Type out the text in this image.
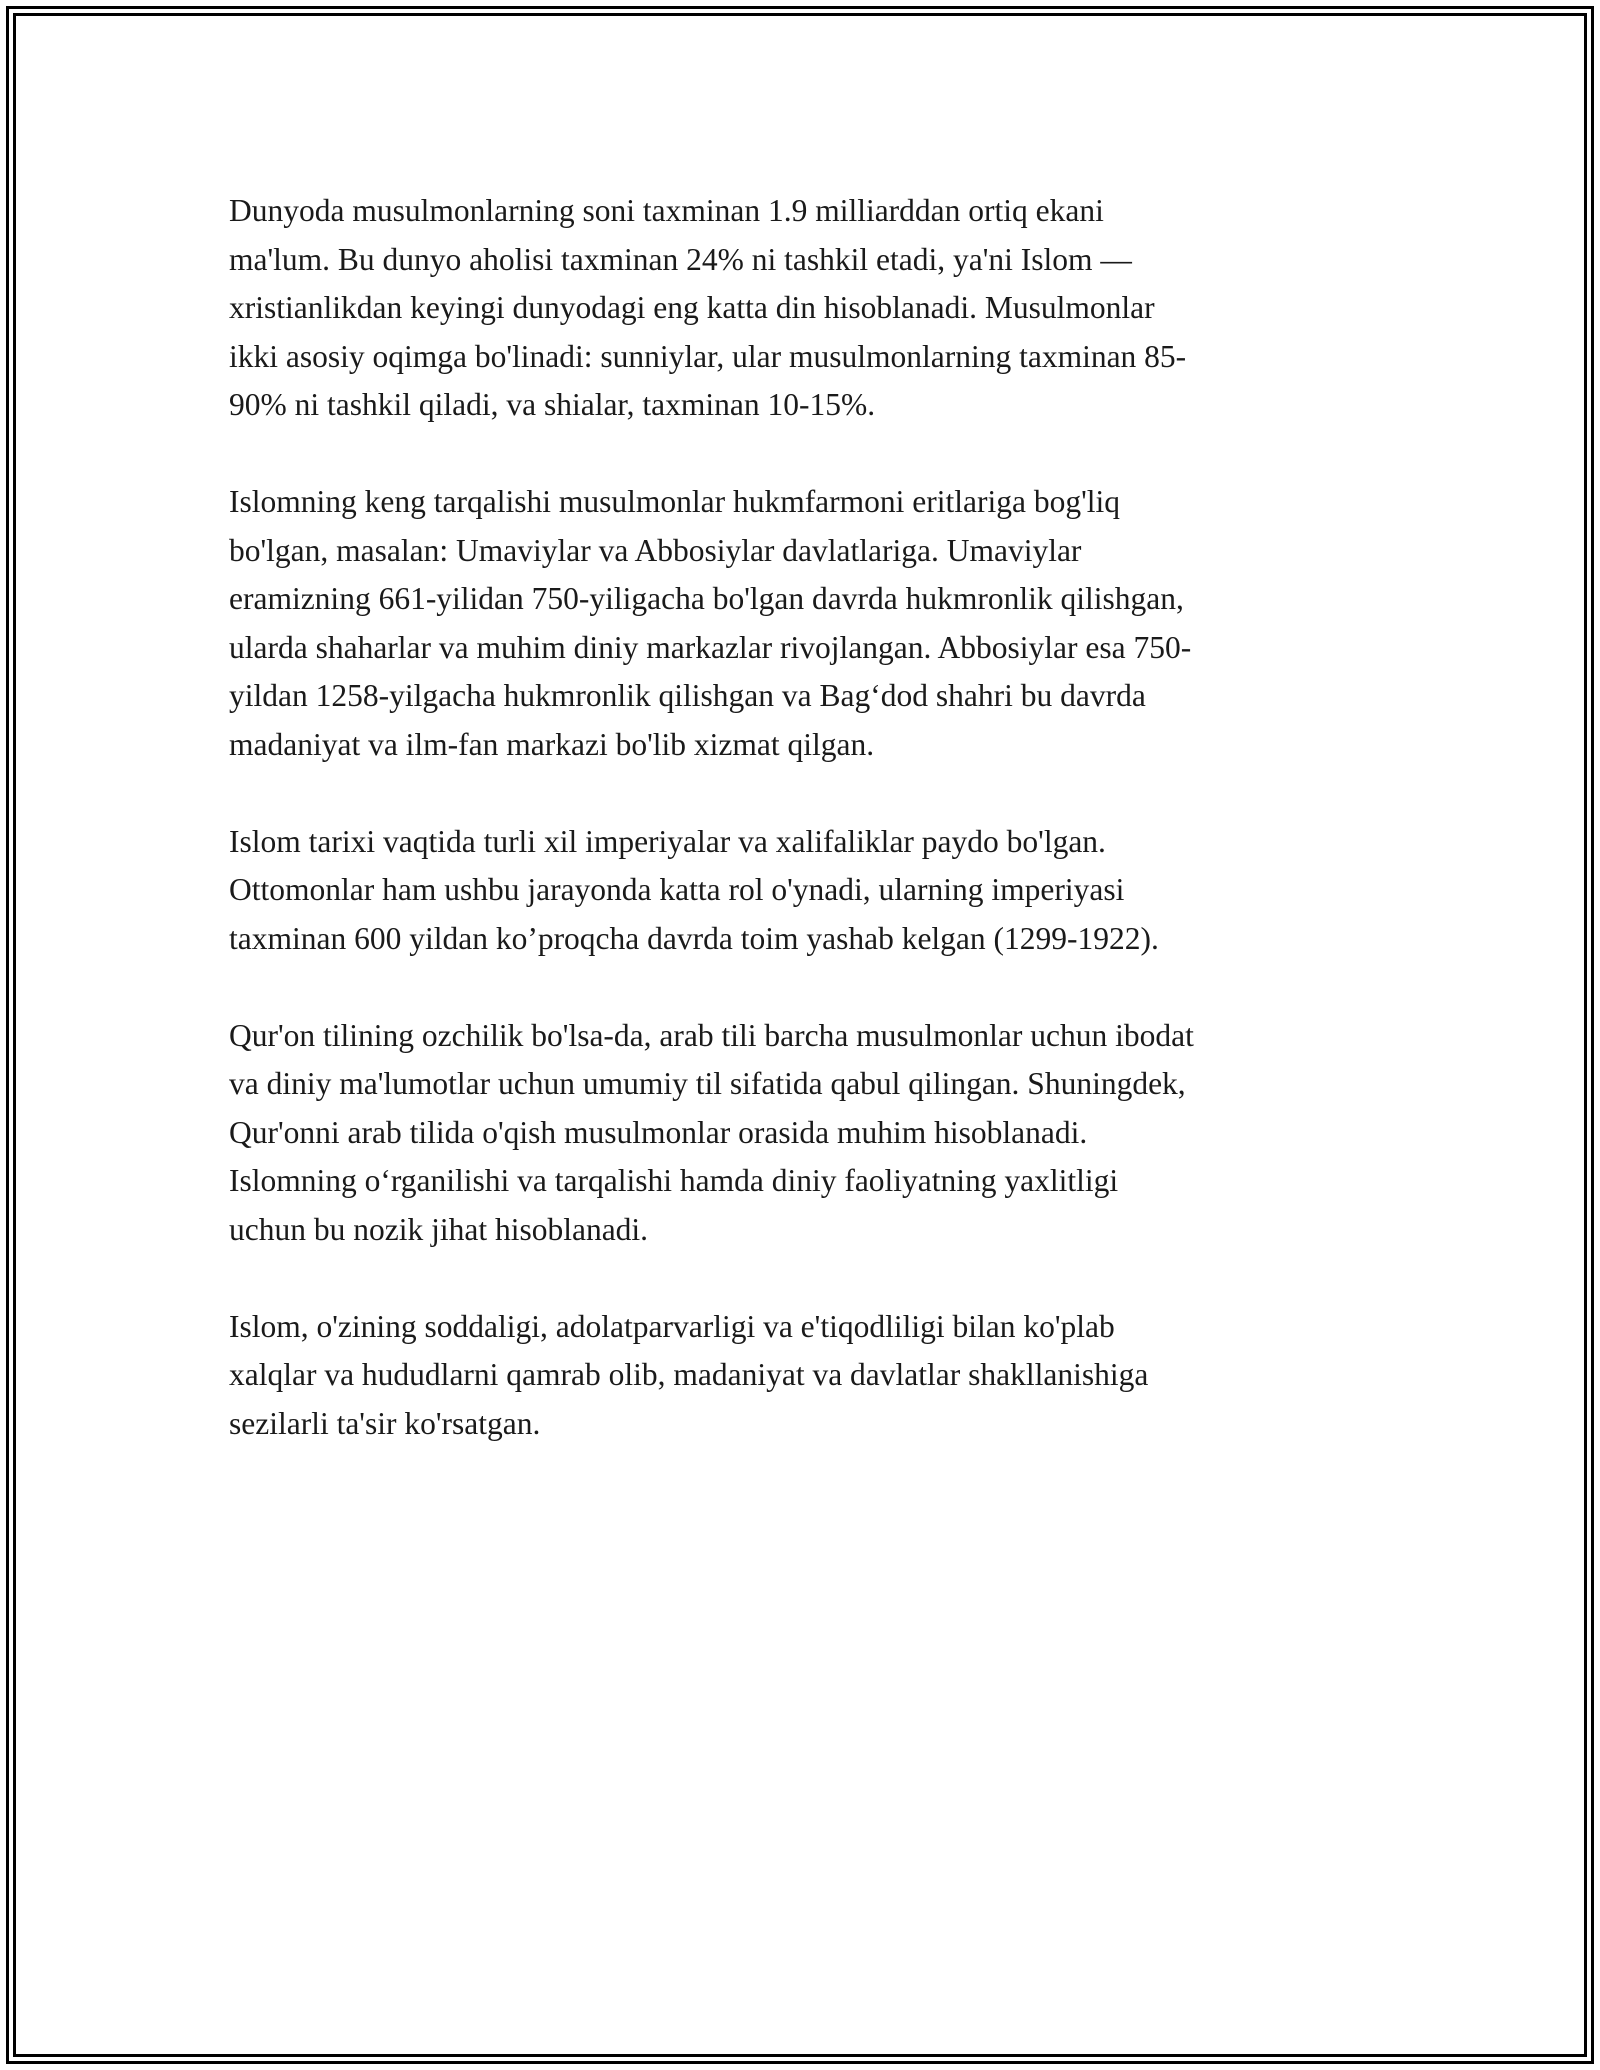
Dunyoda musulmonlarning soni taxminan 1.9 milliarddan ortiq ekani
ma'lum. Bu dunyo aholisi taxminan 24% ni tashkil etadi, ya'ni Islom —
xristianlikdan keyingi dunyodagi eng katta din hisoblanadi. Musulmonlar
ikki asosiy oqimga bo'linadi: sunniylar, ular musulmonlarning taxminan 85-
90% ni tashkil qiladi, va shialar, taxminan 10-15%.

Islomning keng tarqalishi musulmonlar hukmfarmoni eritlariga bog'liq
bo'lgan, masalan: Umaviylar va Abbosiylar davlatlariga. Umaviylar
eramizning 661-yilidan 750-yiligacha bo'lgan davrda hukmronlik qilishgan,
ularda shaharlar va muhim diniy markazlar rivojlangan. Abbosiylar esa 750-
yildan 1258-yilgacha hukmronlik qilishgan va Bag‘dod shahri bu davrda
madaniyat va ilm-fan markazi bo'lib xizmat qilgan.

Islom tarixi vaqtida turli xil imperiyalar va xalifaliklar paydo bo'lgan.
Ottomonlar ham ushbu jarayonda katta rol o'ynadi, ularning imperiyasi
taxminan 600 yildan ko’proqcha davrda toim yashab kelgan (1299-1922).

Qur'on tilining ozchilik bo'lsa-da, arab tili barcha musulmonlar uchun ibodat
va diniy ma'lumotlar uchun umumiy til sifatida qabul qilingan. Shuningdek,
Qur'onni arab tilida o'qish musulmonlar orasida muhim hisoblanadi.
Islomning o‘rganilishi va tarqalishi hamda diniy faoliyatning yaxlitligi
uchun bu nozik jihat hisoblanadi.

Islom, o'zining soddaligi, adolatparvarligi va e'tiqodliligi bilan ko'plab
xalqlar va hududlarni qamrab olib, madaniyat va davlatlar shakllanishiga
sezilarli ta'sir ko'rsatgan.
